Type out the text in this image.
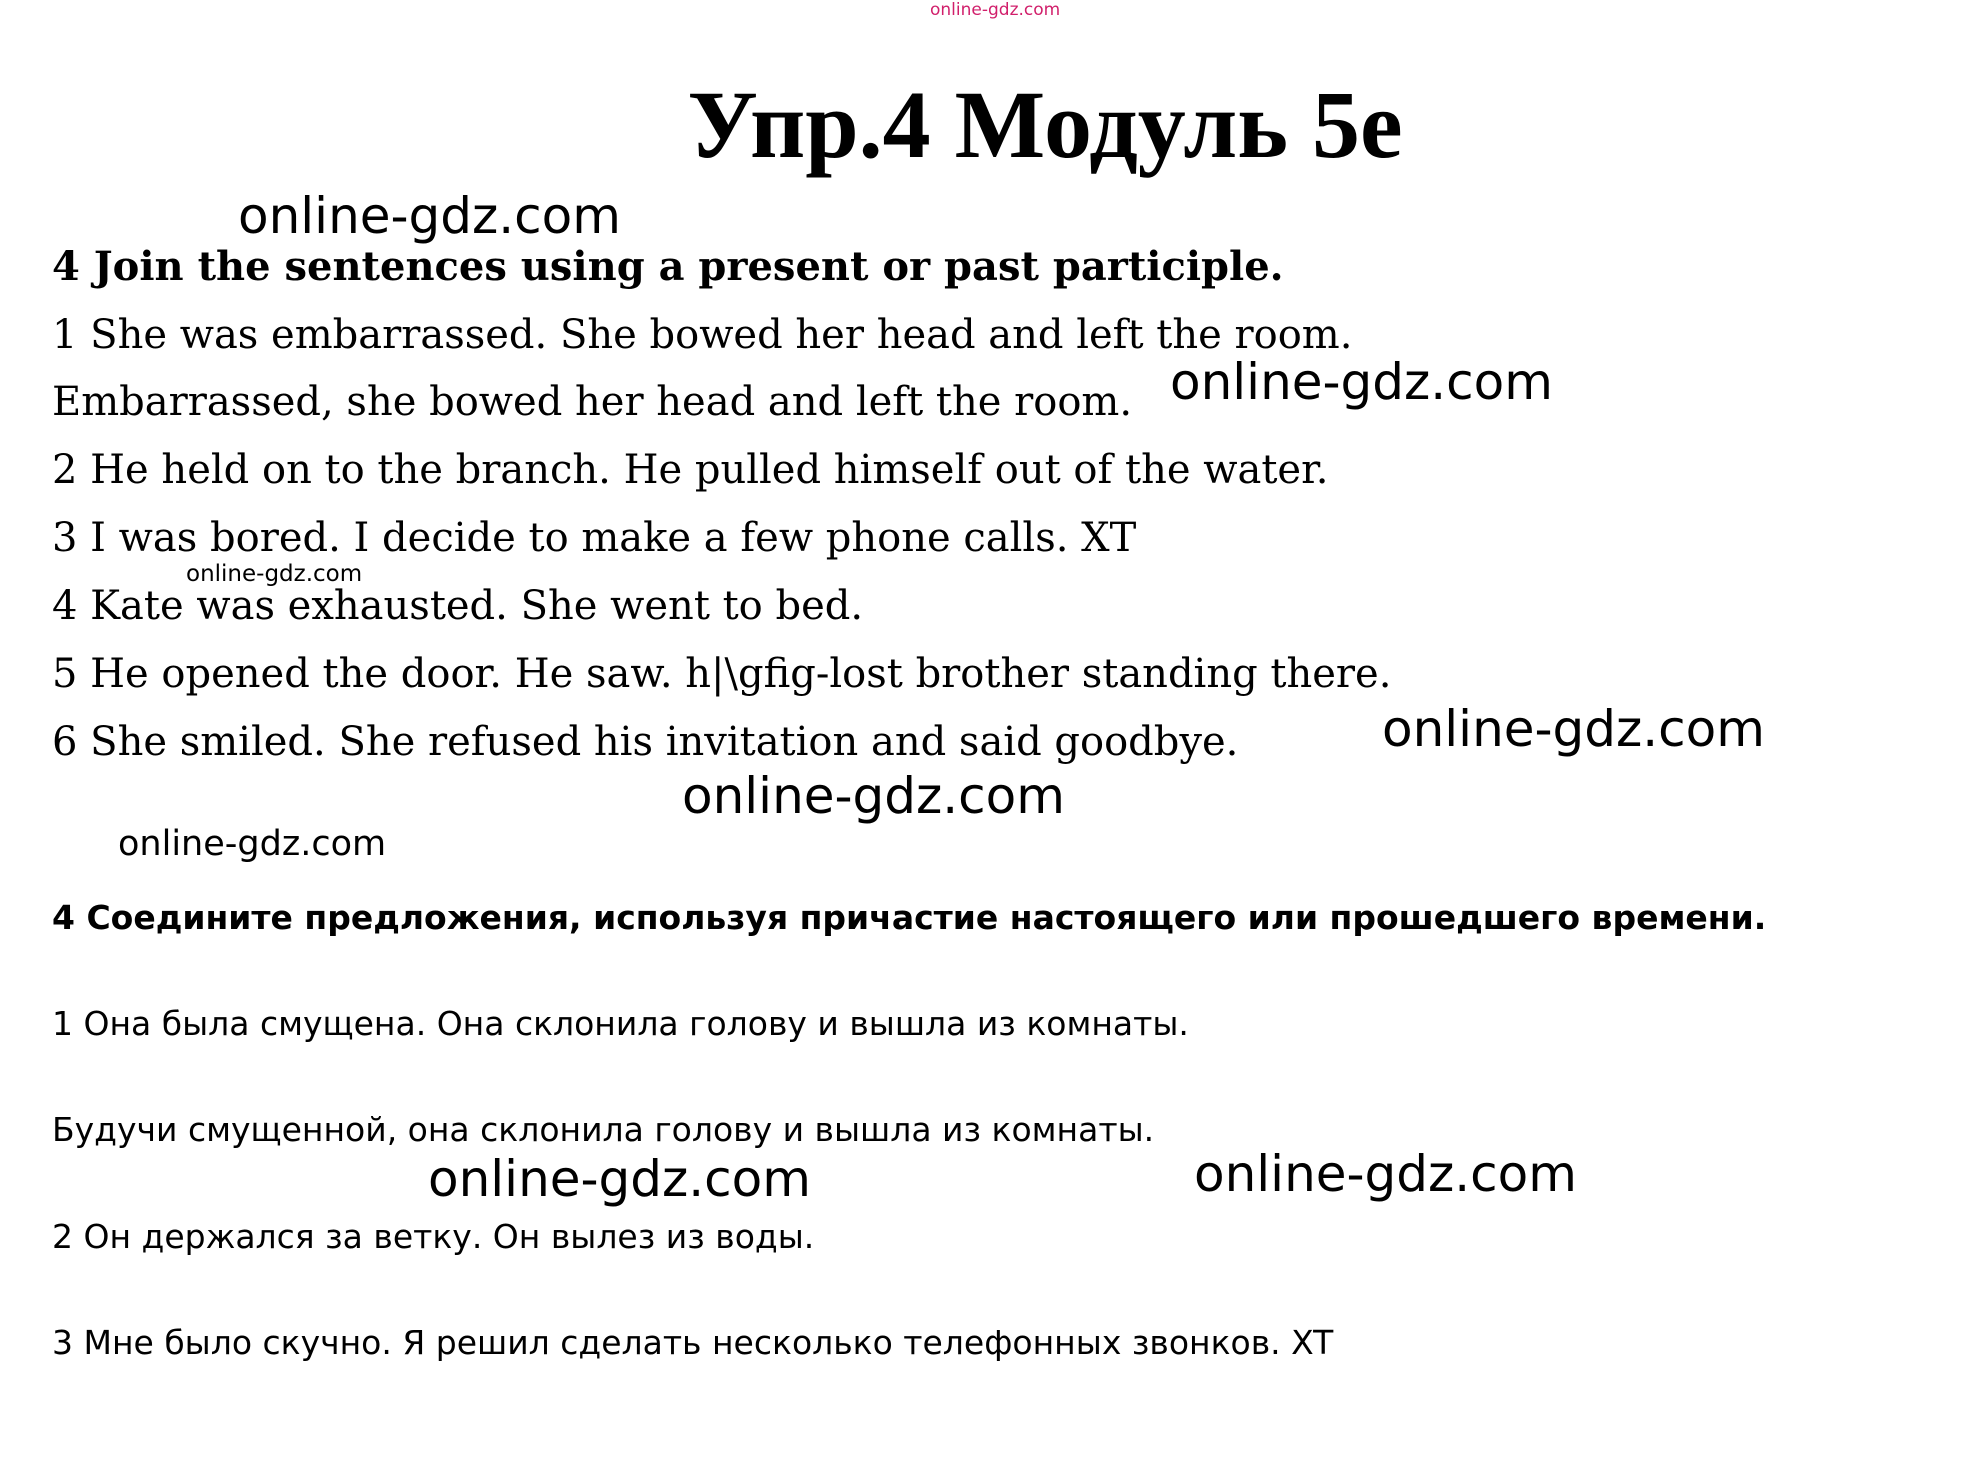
online-gdz.com
Упр.4 Модуль 5e
4 Join the sentences using a present or past participle.
1 She was embarrassed. She bowed her head and left the room.
Embarrassed, she bowed her head and left the room.
2 He held on to the branch. He pulled himself out of the water.
3 I was bored. I decide to make a few phone calls. XT
4 Kate was exhausted. She went to bed.
5 He opened the door. He saw. h|\gfig-lost brother standing there.
6 She smiled. She refused his invitation and said goodbye.
4 Соедините предложения, используя причастие настоящего или прошедшего времени.
1 Она была смущена. Она склонила голову и вышла из комнаты.
Будучи смущенной, она склонила голову и вышла из комнаты.
2 Он держался за ветку. Он вылез из воды.
3 Мне было скучно. Я решил сделать несколько телефонных звонков. XT
online-gdz.com
online-gdz.com
online-gdz.com
online-gdz.com
online-gdz.com
online-gdz.com
online-gdz.com	online-gdz.com
